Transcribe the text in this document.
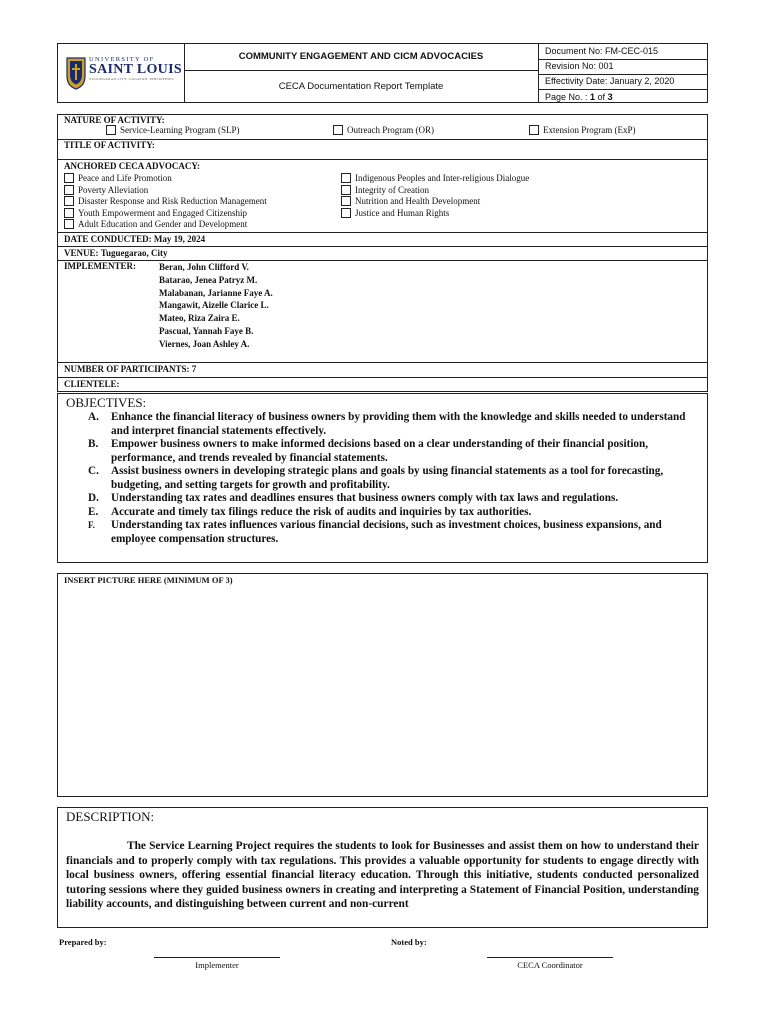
UNIVERSITY OF
SAINT LOUIS
TUGUEGARAO CITY, CAGAYAN, PHILIPPINES
COMMUNITY ENGAGEMENT AND CICM ADVOCACIES
CECA Documentation Report Template
Document No: FM-CEC-015
Revision No: 001
Effectivity Date: January 2, 2020
Page No. : 1 of 3
NATURE OF ACTIVITY:
Service-Learning Program (SLP)	Outreach Program (OR)	Extension Program (ExP)
TITLE OF ACTIVITY:
ANCHORED CECA ADVOCACY:
Peace and Life Promotion
Poverty Alleviation
Disaster Response and Risk Reduction Management
Youth Empowerment and Engaged Citizenship
Adult Education and Gender and Development
Indigenous Peoples and Inter-religious Dialogue
Integrity of Creation
Nutrition and Health Development
Justice and Human Rights
DATE CONDUCTED: May 19, 2024
VENUE: Tuguegarao, City
IMPLEMENTER:	Beran, John Clifford V.
Batarao, Jenea Patryz M.
Malabanan, Jarianne Faye A.
Mangawit, Aizelle Clarice L.
Mateo, Riza Zaira E.
Pascual, Yannah Faye B.
Viernes, Joan Ashley A.
NUMBER OF PARTICIPANTS: 7
CLIENTELE:
OBJECTIVES:
A. Enhance the financial literacy of business owners by providing them with the knowledge and skills needed to understand and interpret financial statements effectively.
B. Empower business owners to make informed decisions based on a clear understanding of their financial position, performance, and trends revealed by financial statements.
C. Assist business owners in developing strategic plans and goals by using financial statements as a tool for forecasting, budgeting, and setting targets for growth and profitability.
D. Understanding tax rates and deadlines ensures that business owners comply with tax laws and regulations.
E. Accurate and timely tax filings reduce the risk of audits and inquiries by tax authorities.
F. Understanding tax rates influences various financial decisions, such as investment choices, business expansions, and employee compensation structures.
INSERT PICTURE HERE (MINIMUM OF 3)
DESCRIPTION:
The Service Learning Project requires the students to look for Businesses and assist them on how to understand their financials and to properly comply with tax regulations. This provides a valuable opportunity for students to engage directly with local business owners, offering essential financial literacy education. Through this initiative, students conducted personalized tutoring sessions where they guided business owners in creating and interpreting a Statement of Financial Position, understanding liability accounts, and distinguishing between current and non-current
Prepared by:	Noted by:
Implementer	CECA Coordinator
